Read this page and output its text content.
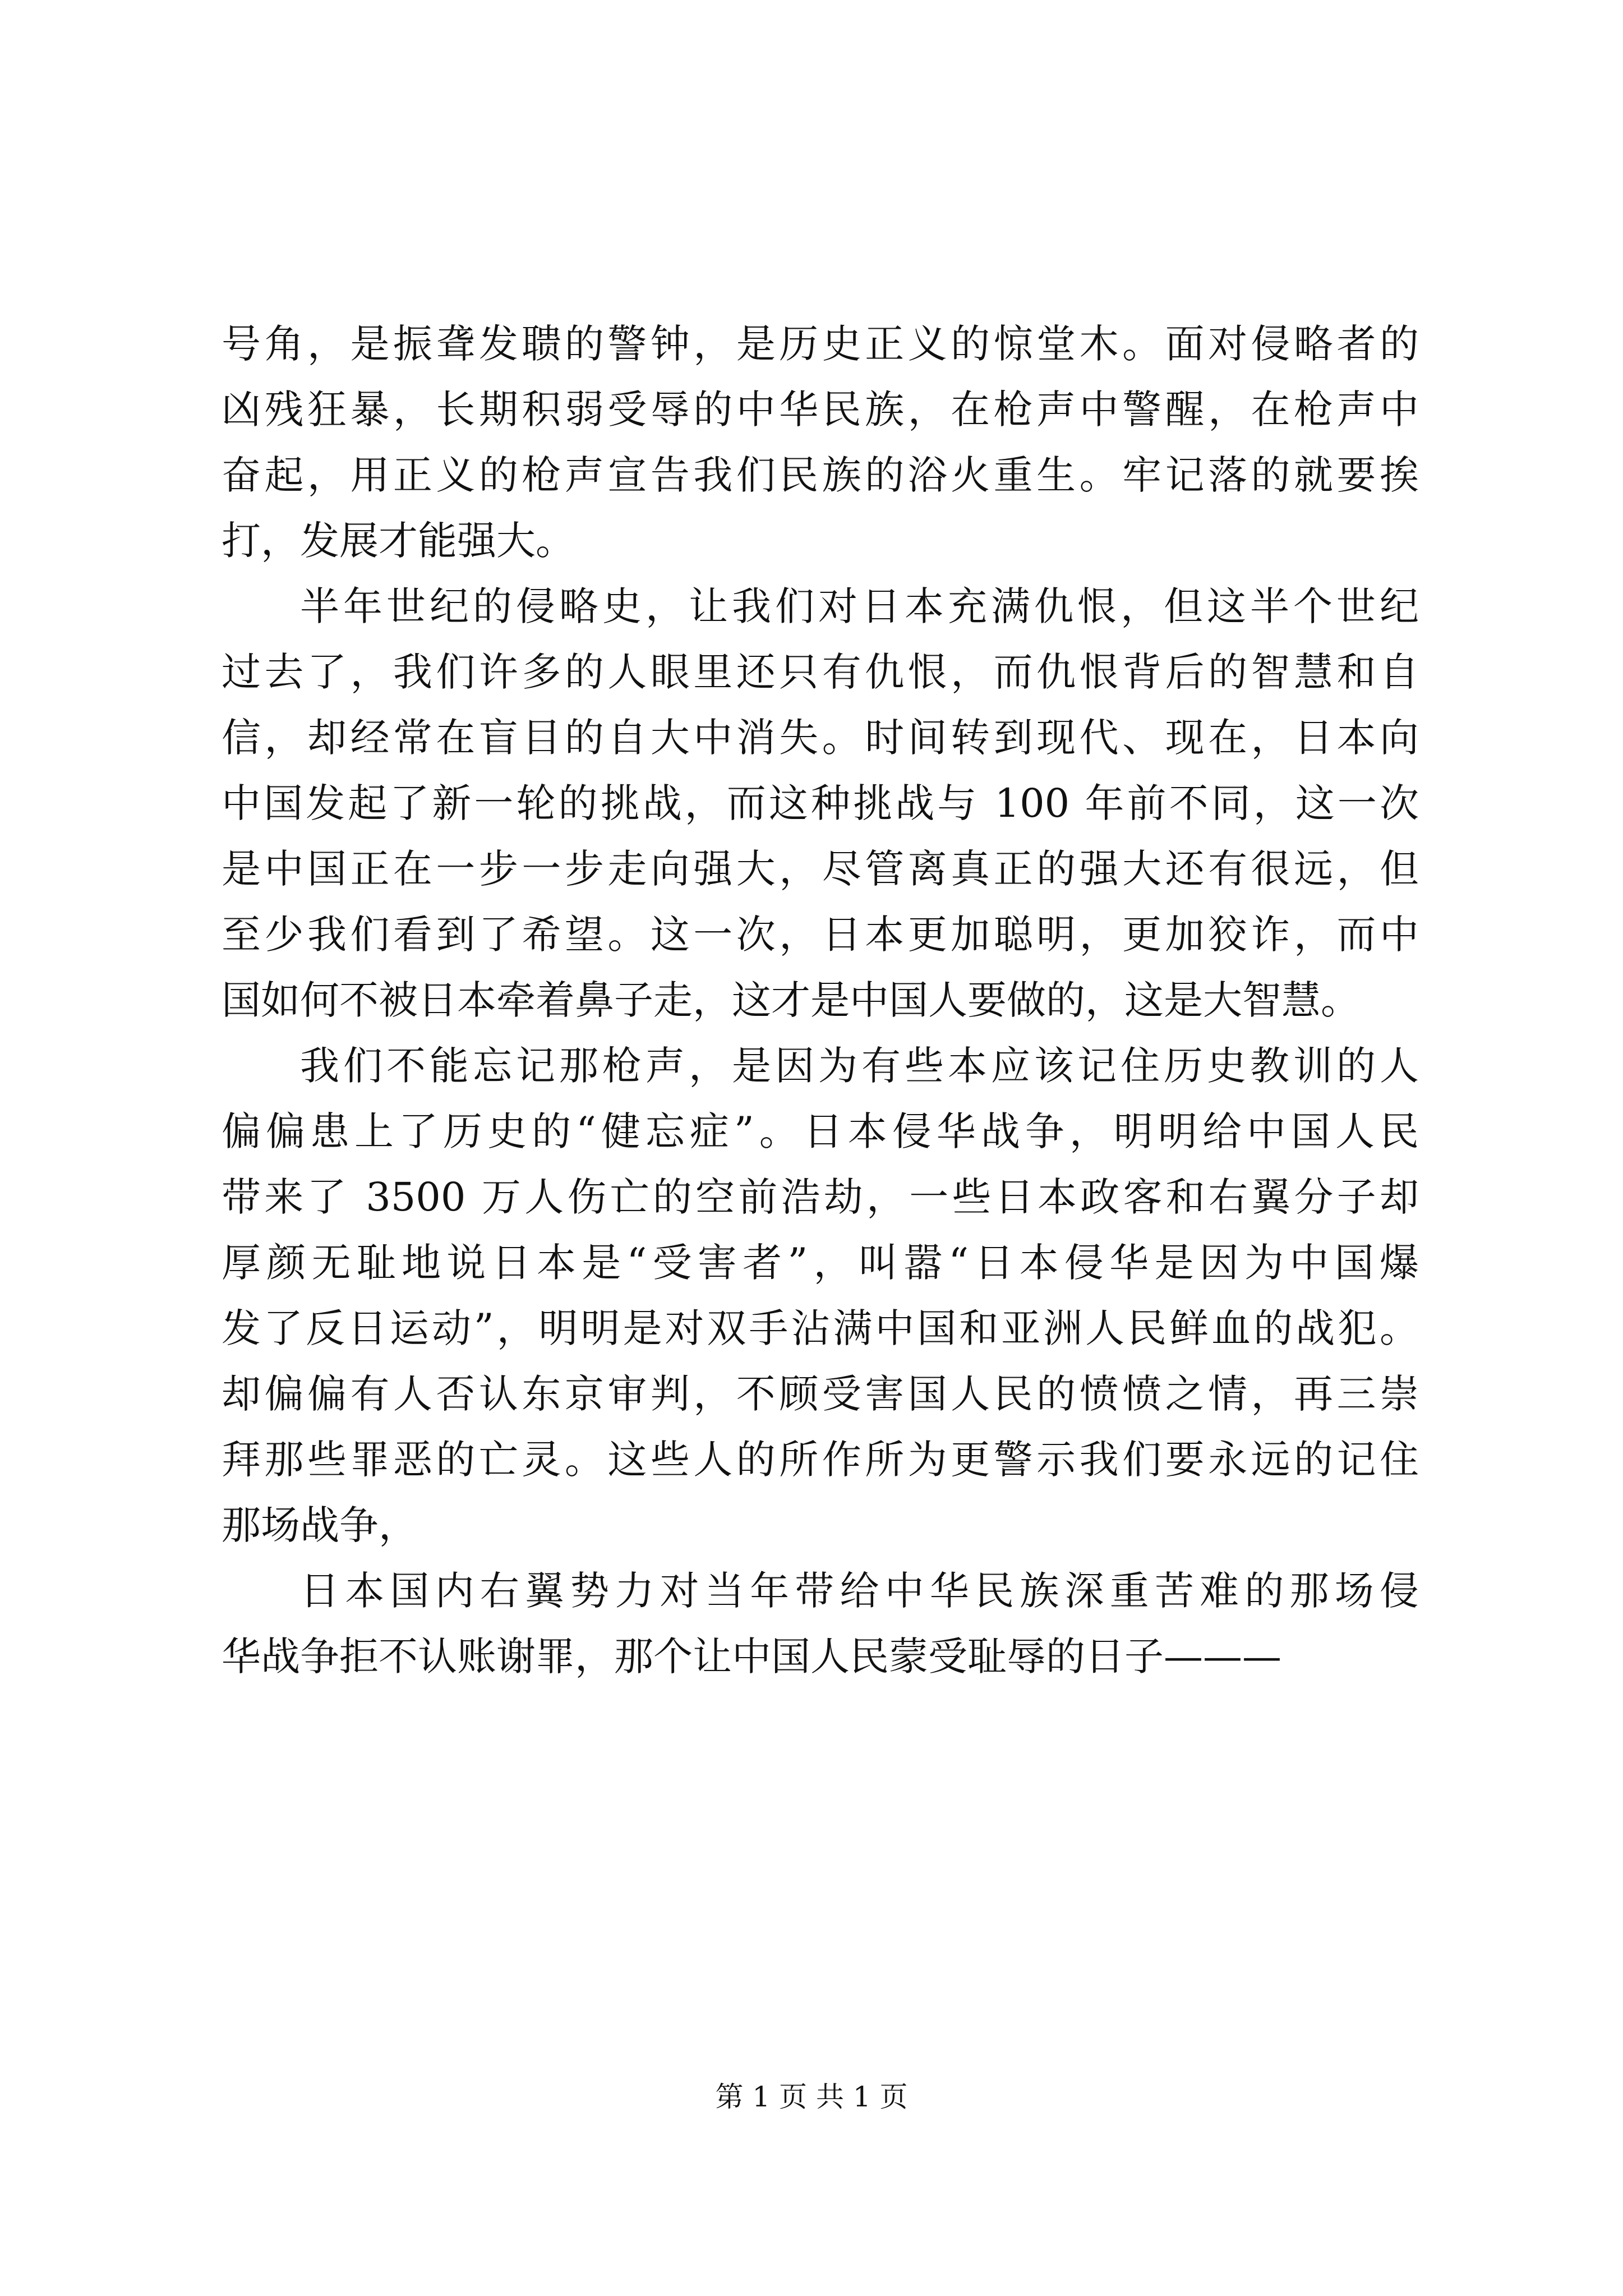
号角，是振聋发聩的警钟，是历史正义的惊堂木。面对侵略者的
凶残狂暴，长期积弱受辱的中华民族，在枪声中警醒，在枪声中
奋起，用正义的枪声宣告我们民族的浴火重生。牢记落的就要挨
打，发展才能强大。
半年世纪的侵略史，让我们对日本充满仇恨，但这半个世纪
过去了，我们许多的人眼里还只有仇恨，而仇恨背后的智慧和自
信，却经常在盲目的自大中消失。时间转到现代、现在，日本向
中国发起了新一轮的挑战，而这种挑战与 100 年前不同，这一次
是中国正在一步一步走向强大，尽管离真正的强大还有很远，但
至少我们看到了希望。这一次，日本更加聪明，更加狡诈，而中
国如何不被日本牵着鼻子走，这才是中国人要做的，这是大智慧。
我们不能忘记那枪声，是因为有些本应该记住历史教训的人
偏偏患上了历史的“健忘症”。日本侵华战争，明明给中国人民
带来了 3500 万人伤亡的空前浩劫，一些日本政客和右翼分子却
厚颜无耻地说日本是“受害者”，叫嚣“日本侵华是因为中国爆
发了反日运动”，明明是对双手沾满中国和亚洲人民鲜血的战犯。
却偏偏有人否认东京审判，不顾受害国人民的愤愤之情，再三崇
拜那些罪恶的亡灵。这些人的所作所为更警示我们要永远的记住
那场战争，
日本国内右翼势力对当年带给中华民族深重苦难的那场侵
华战争拒不认账谢罪，那个让中国人民蒙受耻辱的日子———
第 1 页 共 1 页
